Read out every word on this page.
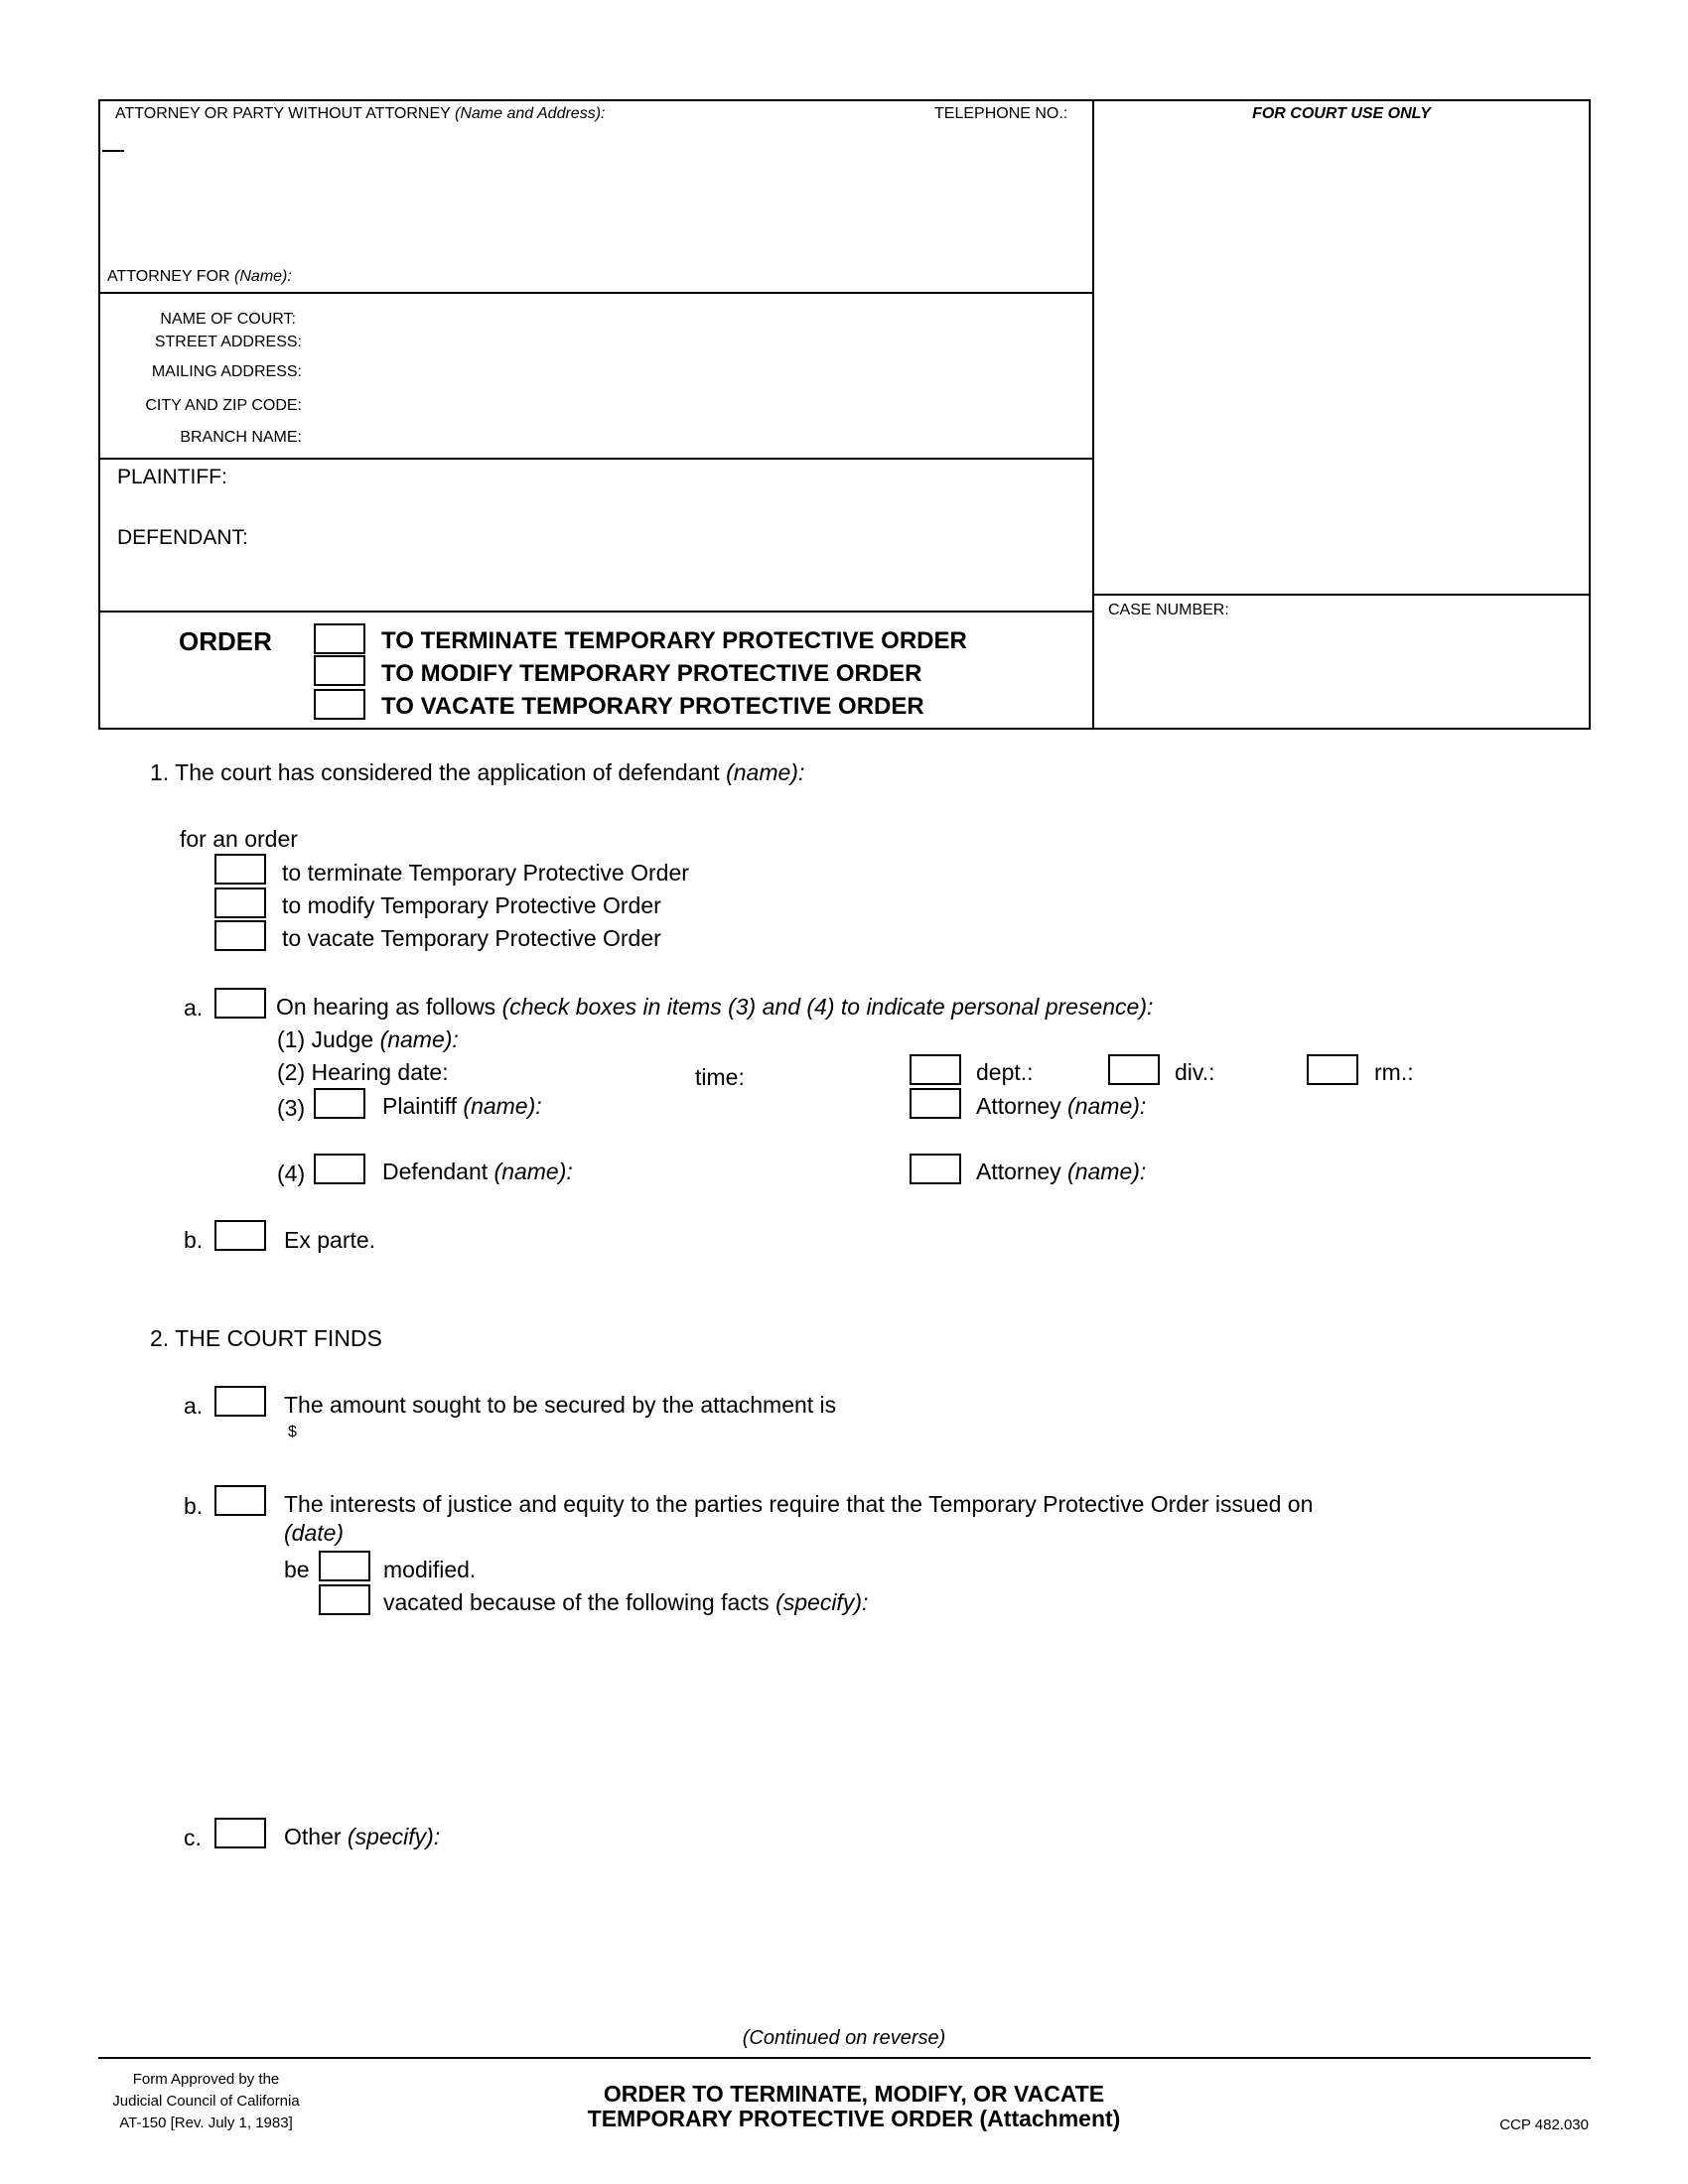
ATTORNEY OR PARTY WITHOUT ATTORNEY (Name and Address):	TELEPHONE NO.:	FOR COURT USE ONLY
ATTORNEY FOR (Name):
NAME OF COURT:
STREET ADDRESS:
MAILING ADDRESS:
CITY AND ZIP CODE:
BRANCH NAME:
PLAINTIFF:
DEFENDANT:
CASE NUMBER:
ORDER	TO TERMINATE TEMPORARY PROTECTIVE ORDER
TO MODIFY TEMPORARY PROTECTIVE ORDER
TO VACATE TEMPORARY PROTECTIVE ORDER
1. The court has considered the application of defendant (name):
for an order
to terminate Temporary Protective Order
to modify Temporary Protective Order
to vacate Temporary Protective Order
a.	On hearing as follows (check boxes in items (3) and (4) to indicate personal presence):
(1) Judge (name):
(2) Hearing date:	time:	dept.:	div.:	rm.:
(3)	Plaintiff (name):	Attorney (name):
(4)	Defendant (name):	Attorney (name):
b.	Ex parte.
2. THE COURT FINDS
a.	The amount sought to be secured by the attachment is
$
b.	The interests of justice and equity to the parties require that the Temporary Protective Order issued on
(date)
be	modified.
vacated because of the following facts (specify):
c.	Other (specify):
(Continued on reverse)
Form Approved by the
Judicial Council of California
AT-150 [Rev. July 1, 1983]
ORDER TO TERMINATE, MODIFY, OR VACATE
TEMPORARY PROTECTIVE ORDER (Attachment)	CCP 482.030
